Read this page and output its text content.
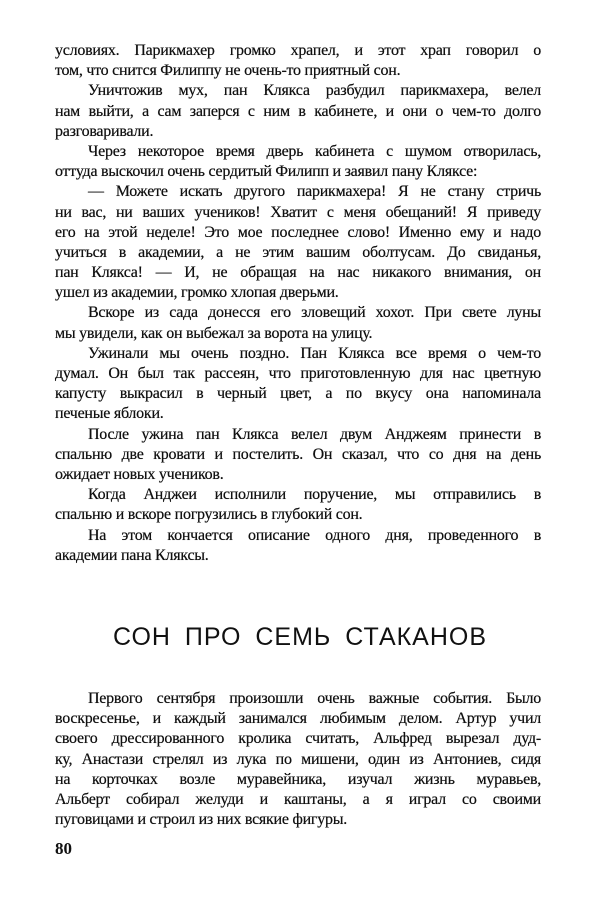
условиях. Парикмахер громко храпел, и этот храп говорил о
том, что снится Филиппу не очень-то приятный сон.
Уничтожив мух, пан Клякса разбудил парикмахера, велел
нам выйти, а сам заперся с ним в кабинете, и они о чем-то долго
разговаривали.
Через некоторое время дверь кабинета с шумом отворилась,
оттуда выскочил очень сердитый Филипп и заявил пану Кляксе:
— Можете искать другого парикмахера! Я не стану стричь
ни вас, ни ваших учеников! Хватит с меня обещаний! Я приведу
его на этой неделе! Это мое последнее слово! Именно ему и надо
учиться в академии, а не этим вашим оболтусам. До свиданья,
пан Клякса! — И, не обращая на нас никакого внимания, он
ушел из академии, громко хлопая дверьми.
Вскоре из сада донесся его зловещий хохот. При свете луны
мы увидели, как он выбежал за ворота на улицу.
Ужинали мы очень поздно. Пан Клякса все время о чем-то
думал. Он был так рассеян, что приготовленную для нас цветную
капусту выкрасил в черный цвет, а по вкусу она напоминала
печеные яблоки.
После ужина пан Клякса велел двум Анджеям принести в
спальню две кровати и постелить. Он сказал, что со дня на день
ожидает новых учеников.
Когда Анджеи исполнили поручение, мы отправились в
спальню и вскоре погрузились в глубокий сон.
На этом кончается описание одного дня, проведенного в
академии пана Кляксы.
СОН ПРО СЕМЬ СТАКАНОВ
Первого сентября произошли очень важные события. Было
воскресенье, и каждый занимался любимым делом. Артур учил
своего дрессированного кролика считать, Альфред вырезал дуд-
ку, Анастази стрелял из лука по мишени, один из Антониев, сидя
на корточках возле муравейника, изучал жизнь муравьев,
Альберт собирал желуди и каштаны, а я играл со своими
пуговицами и строил из них всякие фигуры.
80
